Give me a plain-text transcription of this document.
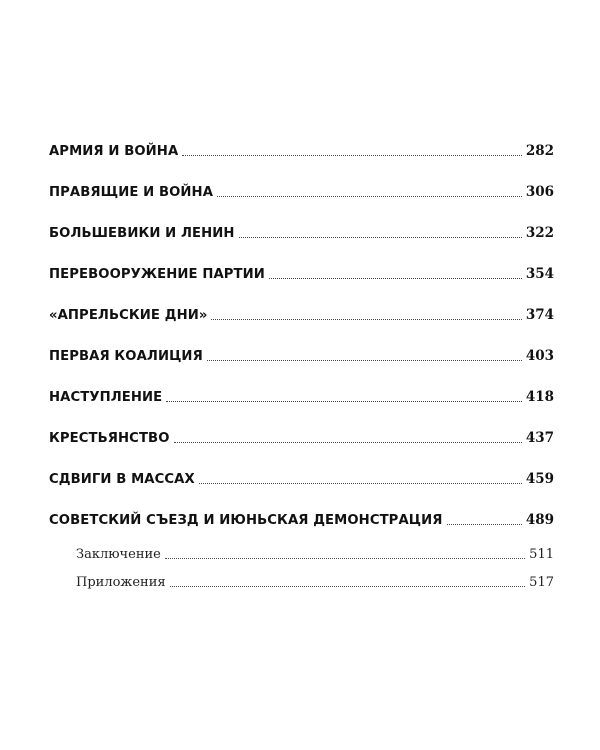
АРМИЯ И ВОЙНА	282
ПРАВЯЩИЕ И ВОЙНА	306
БОЛЬШЕВИКИ И ЛЕНИН	322
ПЕРЕВООРУЖЕНИЕ ПАРТИИ	354
«АПРЕЛЬСКИЕ ДНИ»	374
ПЕРВАЯ КОАЛИЦИЯ	403
НАСТУПЛЕНИЕ	418
КРЕСТЬЯНСТВО	437
СДВИГИ В МАССАХ	459
СОВЕТСКИЙ СЪЕЗД И ИЮНЬСКАЯ ДЕМОНСТРАЦИЯ	489
Заключение	511
Приложения	517
